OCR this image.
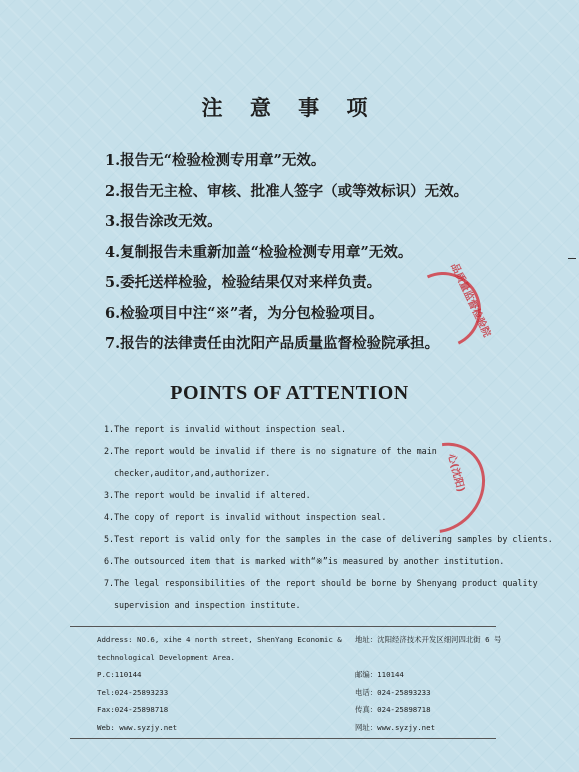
注 意 事 项
1.报告无“检验检测专用章”无效。
2.报告无主检、审核、批准人签字（或等效标识）无效。
3.报告涂改无效。
4.复制报告未重新加盖“检验检测专用章”无效。
5.委托送样检验，检验结果仅对来样负责。
6.检验项目中注“※”者，为分包检验项目。
7.报告的法律责任由沈阳产品质量监督检验院承担。
品质量监督检验院
POINTS OF ATTENTION
1.The report is invalid without inspection seal.
2.The report would be invalid if there is no signature of the main
checker,auditor,and,authorizer.
3.The report would be invalid if altered.
4.The copy of report is invalid without inspection seal.
5.Test report is valid only for the samples in the case of delivering samples by clients.
6.The outsourced item that is marked with“※”is measured by another institution.
7.The legal responsibilities of the report should be borne by Shenyang product quality
supervision and inspection institute.
心(沈阳)
Address: NO.6, xihe 4 north street, ShenYang Economic &
technological Development Area.
P.C:110144
Tel:024-25893233
Fax:024-25898718
Web: www.syzjy.net
地址：沈阳经济技术开发区细河四北街 6 号
邮编：110144
电话：024-25893233
传真：024-25898718
网址：www.syzjy.net
